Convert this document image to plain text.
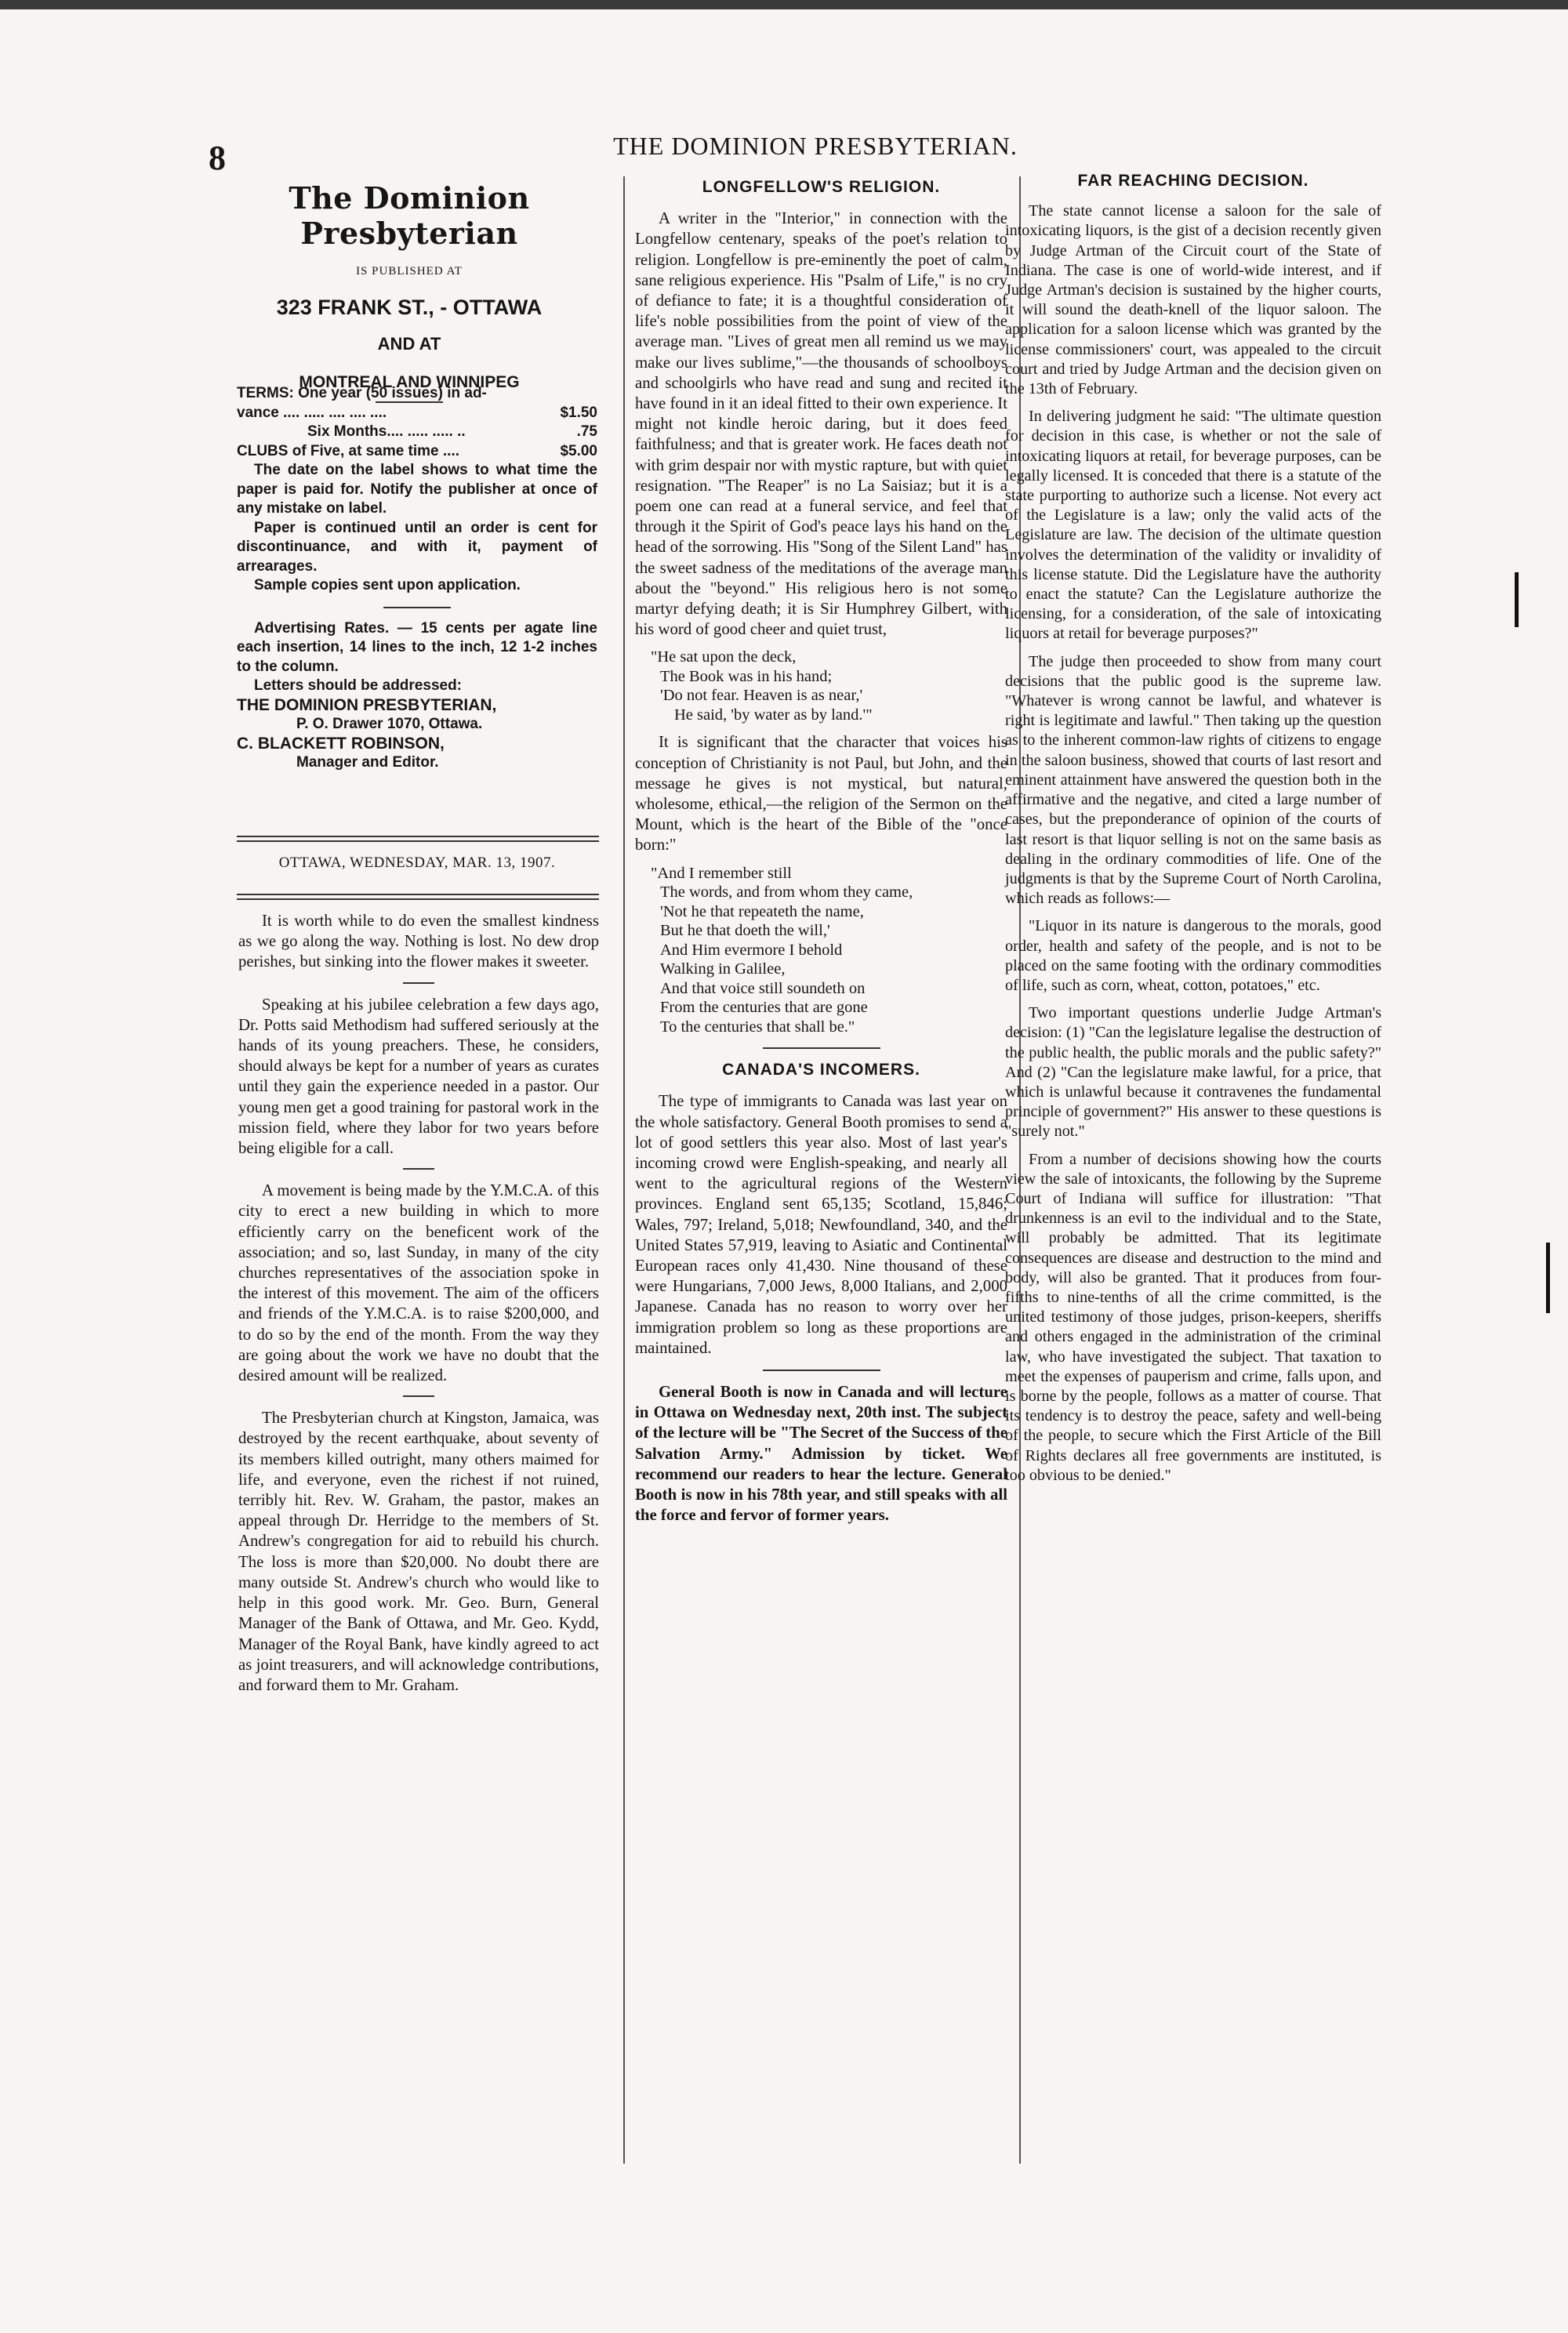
8	THE DOMINION PRESBYTERIAN.
The Dominion Presbyterian
IS PUBLISHED AT
323 FRANK ST., - OTTAWA
AND AT
MONTREAL AND WINNIPEG

TERMS: One year (50 issues) in ad-

vance .... ..... .... .... ....	$1.50
Six Months.... ..... ..... ..	.75
CLUBS of Five, at same time ....	$5.00

The date on the label shows to what time the paper is paid for. Notify the publisher at once of any mistake on label.

Paper is continued until an order is cent for discontinuance, and with it, payment of arrearages.

Sample copies sent upon application.

Advertising Rates. — 15 cents per agate line each insertion, 14 lines to the inch, 12 1-2 inches to the column.

Letters should be addressed:

THE DOMINION PRESBYTERIAN,

P. O. Drawer 1070, Ottawa.

C. BLACKETT ROBINSON,

Manager and Editor.

OTTAWA, WEDNESDAY, MAR. 13, 1907.

It is worth while to do even the smallest kindness as we go along the way. Nothing is lost. No dew drop perishes, but sinking into the flower makes it sweeter.

Speaking at his jubilee celebration a few days ago, Dr. Potts said Methodism had suffered seriously at the hands of its young preachers. These, he considers, should always be kept for a number of years as curates until they gain the experience needed in a pastor. Our young men get a good training for pastoral work in the mission field, where they labor for two years before being eligible for a call.

A movement is being made by the Y.M.C.A. of this city to erect a new building in which to more efficiently carry on the beneficent work of the association; and so, last Sunday, in many of the city churches representatives of the association spoke in the interest of this movement. The aim of the officers and friends of the Y.M.C.A. is to raise $200,000, and to do so by the end of the month. From the way they are going about the work we have no doubt that the desired amount will be realized.

The Presbyterian church at Kingston, Jamaica, was destroyed by the recent earthquake, about seventy of its members killed outright, many others maimed for life, and everyone, even the richest if not ruined, terribly hit. Rev. W. Graham, the pastor, makes an appeal through Dr. Herridge to the members of St. Andrew's congregation for aid to rebuild his church. The loss is more than $20,000. No doubt there are many outside St. Andrew's church who would like to help in this good work. Mr. Geo. Burn, General Manager of the Bank of Ottawa, and Mr. Geo. Kydd, Manager of the Royal Bank, have kindly agreed to act as joint treasurers, and will acknowledge contributions, and forward them to Mr. Graham.

LONGFELLOW'S RELIGION.

A writer in the "Interior," in connection with the Longfellow centenary, speaks of the poet's relation to religion. Longfellow is pre-eminently the poet of calm, sane religious experience. His "Psalm of Life," is no cry of defiance to fate; it is a thoughtful consideration of life's noble possibilities from the point of view of the average man. "Lives of great men all remind us we may make our lives sublime,"—the thousands of schoolboys and schoolgirls who have read and sung and recited it have found in it an ideal fitted to their own experience. It might not kindle heroic daring, but it does feed faithfulness; and that is greater work. He faces death not with grim despair nor with mystic rapture, but with quiet resignation. "The Reaper" is no La Saisiaz; but it is a poem one can read at a funeral service, and feel that through it the Spirit of God's peace lays his hand on the head of the sorrowing. His "Song of the Silent Land" has the sweet sadness of the meditations of the average man about the "beyond." His religious hero is not some martyr defying death; it is Sir Humphrey Gilbert, with his word of good cheer and quiet trust,

"He sat upon the deck,
The Book was in his hand;
'Do not fear. Heaven is as near,'
He said, 'by water as by land.'"

It is significant that the character that voices his conception of Christianity is not Paul, but John, and the message he gives is not mystical, but natural, wholesome, ethical,—the religion of the Sermon on the Mount, which is the heart of the Bible of the "once born:"

"And I remember still
The words, and from whom they came,
'Not he that repeateth the name,
But he that doeth the will,'
And Him evermore I behold
Walking in Galilee,
And that voice still soundeth on
From the centuries that are gone
To the centuries that shall be."
CANADA'S INCOMERS.

The type of immigrants to Canada was last year on the whole satisfactory. General Booth promises to send a lot of good settlers this year also. Most of last year's incoming crowd were English-speaking, and nearly all went to the agricultural regions of the Western provinces. England sent 65,135; Scotland, 15,846; Wales, 797; Ireland, 5,018; Newfoundland, 340, and the United States 57,919, leaving to Asiatic and Continental European races only 41,430. Nine thousand of these were Hungarians, 7,000 Jews, 8,000 Italians, and 2,000 Japanese. Canada has no reason to worry over her immigration problem so long as these proportions are maintained.

General Booth is now in Canada and will lecture in Ottawa on Wednesday next, 20th inst. The subject of the lecture will be "The Secret of the Success of the Salvation Army." Admission by ticket. We recommend our readers to hear the lecture. General Booth is now in his 78th year, and still speaks with all the force and fervor of former years.

FAR REACHING DECISION.

The state cannot license a saloon for the sale of intoxicating liquors, is the gist of a decision recently given by Judge Artman of the Circuit court of the State of Indiana. The case is one of world-wide interest, and if Judge Artman's decision is sustained by the higher courts, it will sound the death-knell of the liquor saloon. The application for a saloon license which was granted by the license commissioners' court, was appealed to the circuit court and tried by Judge Artman and the decision given on the 13th of February.

In delivering judgment he said: "The ultimate question for decision in this case, is whether or not the sale of intoxicating liquors at retail, for beverage purposes, can be legally licensed. It is conceded that there is a statute of the state purporting to authorize such a license. Not every act of the Legislature is a law; only the valid acts of the Legislature are law. The decision of the ultimate question involves the determination of the validity or invalidity of this license statute. Did the Legislature have the authority to enact the statute? Can the Legislature authorize the licensing, for a consideration, of the sale of intoxicating liquors at retail for beverage purposes?"

The judge then proceeded to show from many court decisions that the public good is the supreme law. "Whatever is wrong cannot be lawful, and whatever is right is legitimate and lawful." Then taking up the question as to the inherent common-law rights of citizens to engage in the saloon business, showed that courts of last resort and eminent attainment have answered the question both in the affirmative and the negative, and cited a large number of cases, but the preponderance of opinion of the courts of last resort is that liquor selling is not on the same basis as dealing in the ordinary commodities of life. One of the judgments is that by the Supreme Court of North Carolina, which reads as follows:—

"Liquor in its nature is dangerous to the morals, good order, health and safety of the people, and is not to be placed on the same footing with the ordinary commodities of life, such as corn, wheat, cotton, potatoes," etc.

Two important questions underlie Judge Artman's decision: (1) "Can the legislature legalise the destruction of the public health, the public morals and the public safety?" And (2) "Can the legislature make lawful, for a price, that which is unlawful because it contravenes the fundamental principle of government?" His answer to these questions is "surely not."

From a number of decisions showing how the courts view the sale of intoxicants, the following by the Supreme Court of Indiana will suffice for illustration: "That drunkenness is an evil to the individual and to the State, will probably be admitted. That its legitimate consequences are disease and destruction to the mind and body, will also be granted. That it produces from four-fifths to nine-tenths of all the crime committed, is the united testimony of those judges, prison-keepers, sheriffs and others engaged in the administration of the criminal law, who have investigated the subject. That taxation to meet the expenses of pauperism and crime, falls upon, and is borne by the people, follows as a matter of course. That its tendency is to destroy the peace, safety and well-being of the people, to secure which the First Article of the Bill of Rights declares all free governments are instituted, is too obvious to be denied."
